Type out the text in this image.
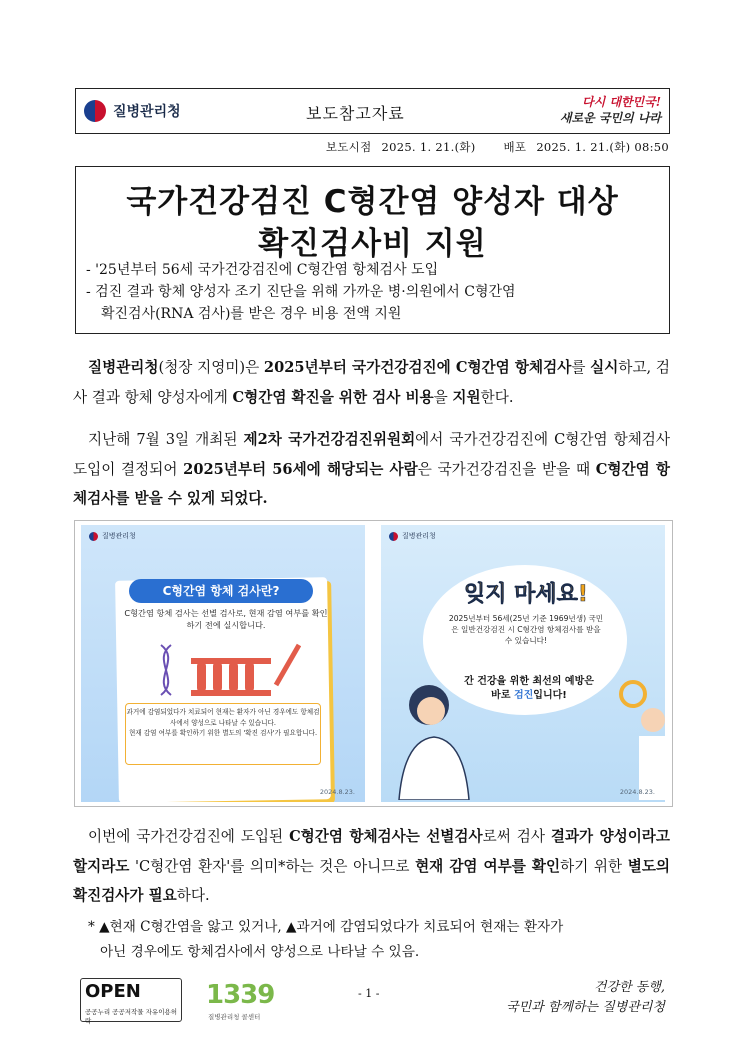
질병관리청	보도참고자료
다시 대한민국!
새로운 국민의 나라
보도시점 2025. 1. 21.(화) 배포 2025. 1. 21.(화) 08:50
국가건강검진 C형간염 양성자 대상
확진검사비 지원
- '25년부터 56세 국가건강검진에 C형간염 항체검사 도입
- 검진 결과 항체 양성자 조기 진단을 위해 가까운 병·의원에서 C형간염
확진검사(RNA 검사)를 받은 경우 비용 전액 지원
질병관리청(청장 지영미)은 2025년부터 국가건강검진에 C형간염 항체검사를 실시하고, 검사 결과 항체 양성자에게 C형간염 확진을 위한 검사 비용을 지원한다.
지난해 7월 3일 개최된 제2차 국가건강검진위원회에서 국가건강검진에 C형간염 항체검사 도입이 결정되어 2025년부터 56세에 해당되는 사람은 국가건강검진을 받을 때 C형간염 항체검사를 받을 수 있게 되었다.
질병관리청
C형간염 항체 검사란?
C형간염 항체 검사는 선별 검사로, 현재 감염 여부를 확인하기 전에 실시합니다.
과거에 감염되었다가 치료되어 현재는 환자가 아닌 경우에도 항체검사에서 양성으로 나타날 수 있습니다.
현재 감염 여부를 확인하기 위한 별도의 '확진 검사'가 필요합니다.
2024.8.23.
질병관리청
잊지 마세요!
2025년부터 56세(25년 기준 1969년생) 국민은 일반건강검진 시 C형간염 항체검사를 받을 수 있습니다!
간 건강을 위한 최선의 예방은
바로 검진입니다!
2024.8.23.
이번에 국가건강검진에 도입된 C형간염 항체검사는 선별검사로써 검사 결과가 양성이라고 할지라도 'C형간염 환자'를 의미*하는 것은 아니므로 현재 감염 여부를 확인하기 위한 별도의 확진검사가 필요하다.
* ▲현재 C형간염을 앓고 있거나, ▲과거에 감염되었다가 치료되어 현재는 환자가
아닌 경우에도 항체검사에서 양성으로 나타날 수 있음.
OPEN
공공누리 공공저작물 자유이용허락
1339
질병관리청 콜센터
- 1 -	건강한 동행,
국민과 함께하는 질병관리청
